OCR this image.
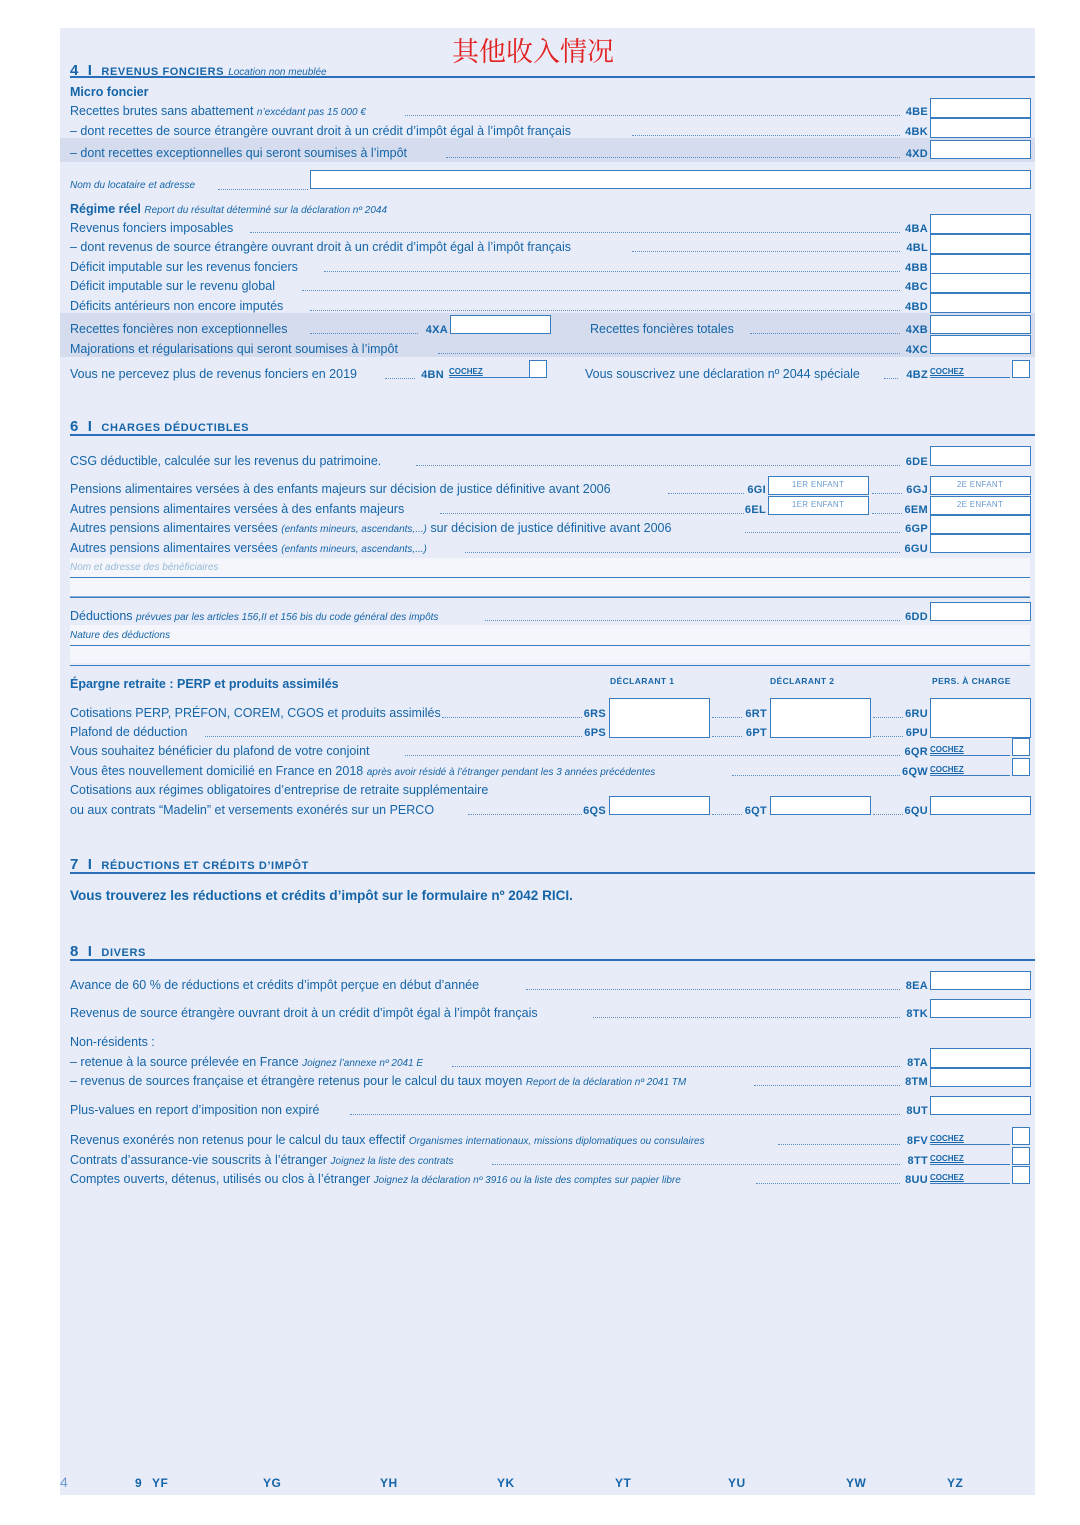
其他收入情况
4  I  REVENUS FONCIERS Location non meublée
Micro foncier
Recettes brutes sans abattement n’excédant pas 15 000 €	4BE
– dont recettes de source étrangère ouvrant droit à un crédit d’impôt égal à l’impôt français	4BK
– dont recettes exceptionnelles qui seront soumises à l’impôt	4XD
Nom du locataire et adresse
Régime réel Report du résultat déterminé sur la déclaration nº 2044
Revenus fonciers imposables	4BA
– dont revenus de source étrangère ouvrant droit à un crédit d’impôt égal à l’impôt français	4BL
Déficit imputable sur les revenus fonciers	4BB
Déficit imputable sur le revenu global	4BC
Déficits antérieurs non encore imputés	4BD
Recettes foncières non exceptionnelles	4XA	Recettes foncières totales	4XB
Majorations et régularisations qui seront soumises à l’impôt	4XC
Vous ne percevez plus de revenus fonciers en 2019	4BN COCHEZ	Vous souscrivez une déclaration nº 2044 spéciale	4BZ COCHEZ
6  I  CHARGES DÉDUCTIBLES
CSG déductible, calculée sur les revenus du patrimoine.	6DE
Pensions alimentaires versées à des enfants majeurs sur décision de justice définitive avant 2006	6GI	1ER ENFANT	6GJ	2E ENFANT
Autres pensions alimentaires versées à des enfants majeurs	6EL	1ER ENFANT	6EM	2E ENFANT
Autres pensions alimentaires versées (enfants mineurs, ascendants,...) sur décision de justice définitive avant 2006	6GP
Autres pensions alimentaires versées (enfants mineurs, ascendants,...)	6GU
Déductions prévues par les articles 156,II et 156 bis du code général des impôts	6DD
Nature des déductions
Épargne retraite : PERP et produits assimilés	DÉCLARANT 1	DÉCLARANT 2	PERS. À CHARGE
Cotisations PERP, PRÉFON, COREM, CGOS et produits assimilés	6RS	6RT	6RU
Plafond de déduction	6PS	6PT	6PU
Vous souhaitez bénéficier du plafond de votre conjoint	6QR COCHEZ
Vous êtes nouvellement domicilié en France en 2018 après avoir résidé à l’étranger pendant les 3 années précédentes	6QW COCHEZ
Cotisations aux régimes obligatoires d’entreprise de retraite supplémentaire
ou aux contrats “Madelin” et versements exonérés sur un PERCO	6QS	6QT	6QU
7  I  RÉDUCTIONS ET CRÉDITS D’IMPÔT
Vous trouverez les réductions et crédits d’impôt sur le formulaire nº 2042 RICI.
8  I  DIVERS
Avance de 60 % de réductions et crédits d’impôt perçue en début d’année	8EA
Revenus de source étrangère ouvrant droit à un crédit d’impôt égal à l’impôt français	8TK
Non-résidents :
– retenue à la source prélevée en France Joignez l’annexe nº 2041 E	8TA
– revenus de sources française et étrangère retenus pour le calcul du taux moyen Report de la déclaration nº 2041 TM	8TM
Plus-values en report d’imposition non expiré	8UT
Revenus exonérés non retenus pour le calcul du taux effectif Organismes internationaux, missions diplomatiques ou consulaires	8FV COCHEZ
Contrats d’assurance-vie souscrits à l’étranger Joignez la liste des contrats	8TT COCHEZ
Comptes ouverts, détenus, utilisés ou clos à l’étranger Joignez la déclaration nº 3916 ou la liste des comptes sur papier libre	8UU COCHEZ
4	9 YF	YG	YH	YK	YT	YU	YW	YZ
